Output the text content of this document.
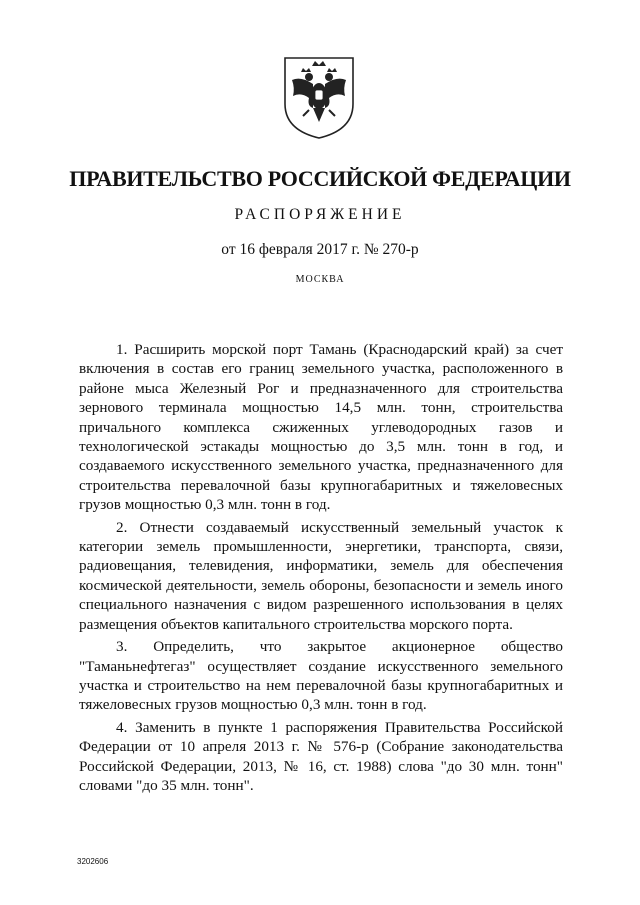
ПРАВИТЕЛЬСТВО РОССИЙСКОЙ ФЕДЕРАЦИИ
РАСПОРЯЖЕНИЕ
от 16 февраля 2017 г. № 270-р
МОСКВА

1. Расширить морской порт Тамань (Краснодарский край) за счет включения в состав его границ земельного участка, расположенного в районе мыса Железный Рог и предназначенного для строительства зернового терминала мощностью 14,5 млн. тонн, строительства причального комплекса сжиженных углеводородных газов и технологической эстакады мощностью до 3,5 млн. тонн в год, и создаваемого искусственного земельного участка, предназначенного для строительства перевалочной базы крупногабаритных и тяжеловесных грузов мощностью 0,3 млн. тонн в год.

2. Отнести создаваемый искусственный земельный участок к категории земель промышленности, энергетики, транспорта, связи, радиовещания, телевидения, информатики, земель для обеспечения космической деятельности, земель обороны, безопасности и земель иного специального назначения с видом разрешенного использования в целях размещения объектов капитального строительства морского порта.

3. Определить, что закрытое акционерное общество "Таманьнефтегаз" осуществляет создание искусственного земельного участка и строительство на нем перевалочной базы крупногабаритных и тяжеловесных грузов мощностью 0,3 млн. тонн в год.

4. Заменить в пункте 1 распоряжения Правительства Российской Федерации от 10 апреля 2013 г. № 576-р (Собрание законодательства Российской Федерации, 2013, № 16, ст. 1988) слова "до 30 млн. тонн" словами "до 35 млн. тонн".

3202606
